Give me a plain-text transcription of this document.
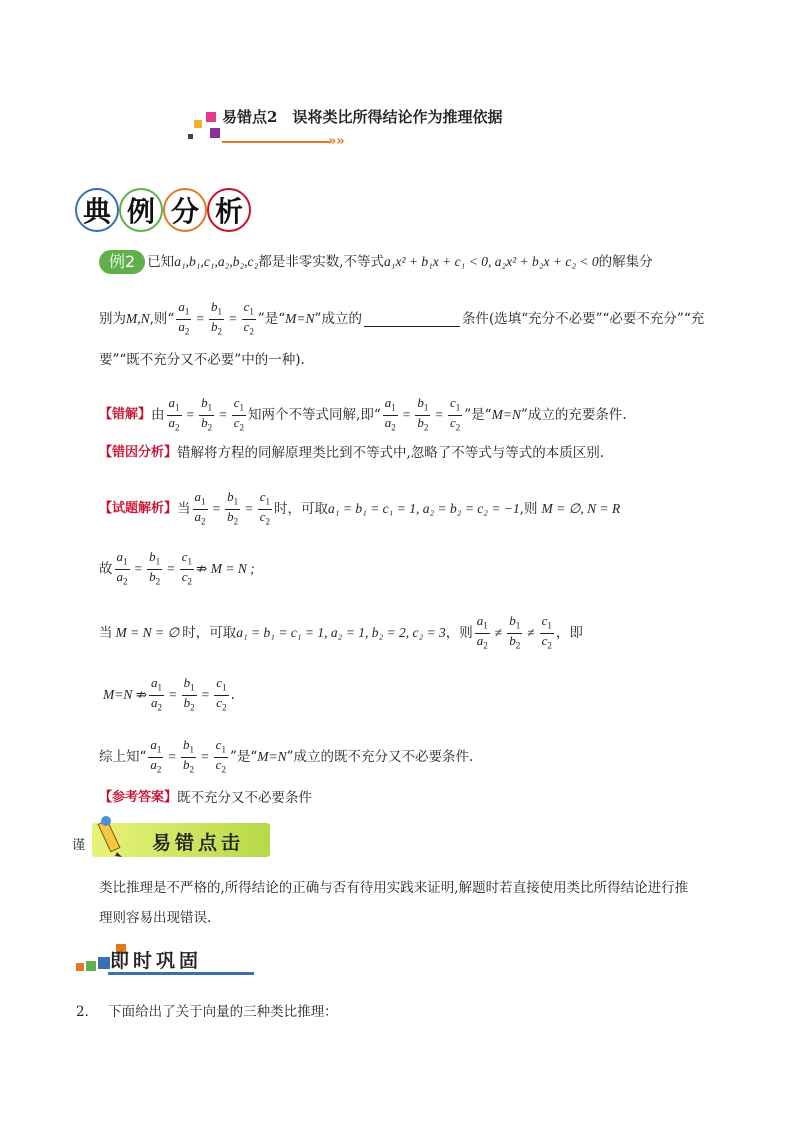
易错点2　误将类比所得结论作为推理依据
»»
典 例 分 析
例2 已知 a₁,b₁,c₁,a₂,b₂,c₂ 都是非零实数,不等式 a₁x² + b₁x + c₁ < 0, a₂x² + b₂x + c₂ < 0 的解集分
别为 M,N ,则“ $\frac{a_1}{a_2} = \frac{b_1}{b_2} = \frac{c_1}{c_2}$ ”是“ M=N ”成立的	条件(选填“充分不必要”“必要不充分”“充
要”“既不充分又不必要”中的一种).
【错解】 由 $\frac{a_1}{a_2} = \frac{b_1}{b_2} = \frac{c_1}{c_2}$ 知两个不等式同解,即“ $\frac{a_1}{a_2} = \frac{b_1}{b_2} = \frac{c_1}{c_2}$ ”是“ M=N ”成立的充要条件.
【错因分析】 错解将方程的同解原理类比到不等式中,忽略了不等式与等式的本质区别.
【试题解析】 当 $\frac{a_1}{a_2} = \frac{b_1}{b_2} = \frac{c_1}{c_2}$ 时，可取 a₁ = b₁ = c₁ = 1, a₂ = b₂ = c₂ = −1 ,则 M = ∅, N = R
故 $\frac{a_1}{a_2} = \frac{b_1}{b_2} = \frac{c_1}{c_2}$ ⇏ M = N ;
当 M = N = ∅ 时，可取 a₁ = b₁ = c₁ = 1, a₂ = 1, b₂ = 2, c₂ = 3 ，则 $\frac{a_1}{a_2} \ne \frac{b_1}{b_2} \ne \frac{c_1}{c_2}$ ，即
M=N ⇏ $\frac{a_1}{a_2} = \frac{b_1}{b_2} = \frac{c_1}{c_2}$ .
综上知“ $\frac{a_1}{a_2} = \frac{b_1}{b_2} = \frac{c_1}{c_2}$ ”是“ M=N ”成立的既不充分又不必要条件.
【参考答案】 既不充分又不必要条件
谨	易错点击
类比推理是不严格的,所得结论的正确与否有待用实践来证明,解题时若直接使用类比所得结论进行推
理则容易出现错误.
即时巩固
2． 下面给出了关于向量的三种类比推理：
